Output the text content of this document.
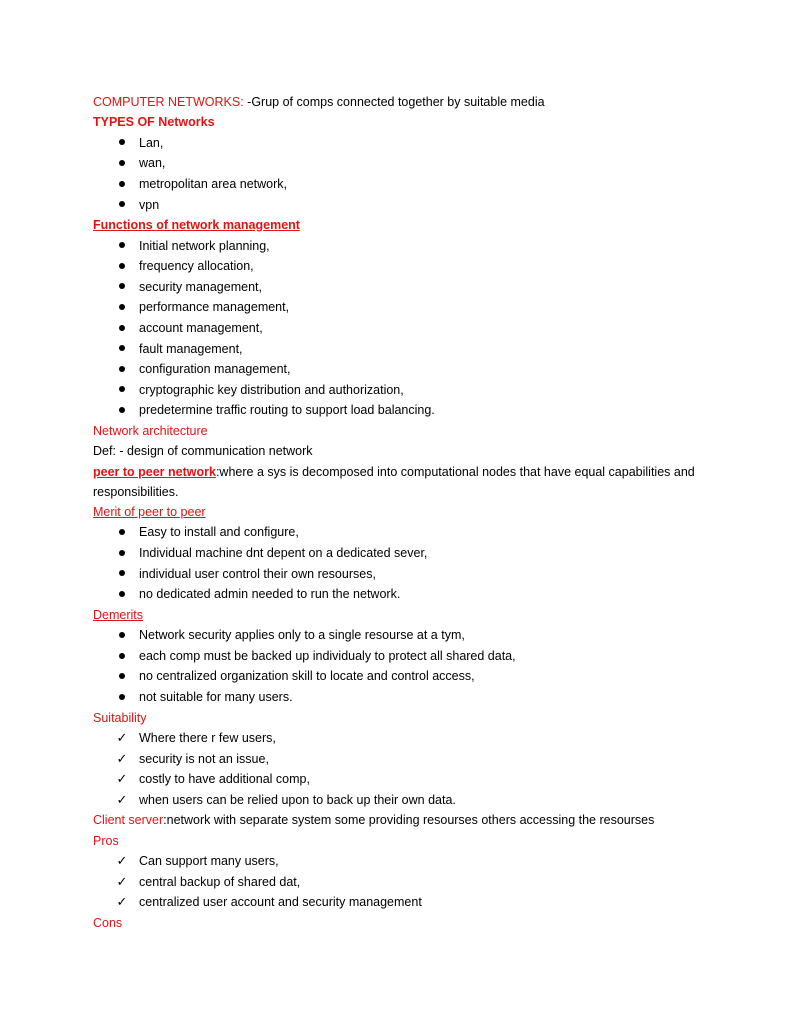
COMPUTER NETWORKS: -Grup of comps connected together by suitable media
TYPES OF Networks
Lan,
wan,
metropolitan area network,
vpn
Functions of network management
Initial network planning,
frequency allocation,
security management,
performance management,
account management,
fault management,
configuration management,
cryptographic key distribution and authorization,
predetermine traffic routing to support load balancing.
Network architecture
Def: - design of communication network
peer to peer network:where a sys is decomposed into computational nodes that have equal capabilities and responsibilities.
Merit of peer to peer
Easy to install and configure,
Individual machine dnt depent on a dedicated sever,
individual user control their own resourses,
no dedicated admin needed to run the network.
Demerits
Network security applies only to a single resourse at a tym,
each comp must be backed up individualy to protect all shared data,
no centralized organization skill to locate and control access,
not suitable for many users.
Suitability
✓ Where there r few users,
✓ security is not an issue,
✓ costly to have additional comp,
✓ when users can be relied upon to back up their own data.
Client server:network with separate system some providing resourses others accessing the resourses
Pros
✓ Can support many users,
✓ central backup of shared dat,
✓ centralized user account and security management
Cons
